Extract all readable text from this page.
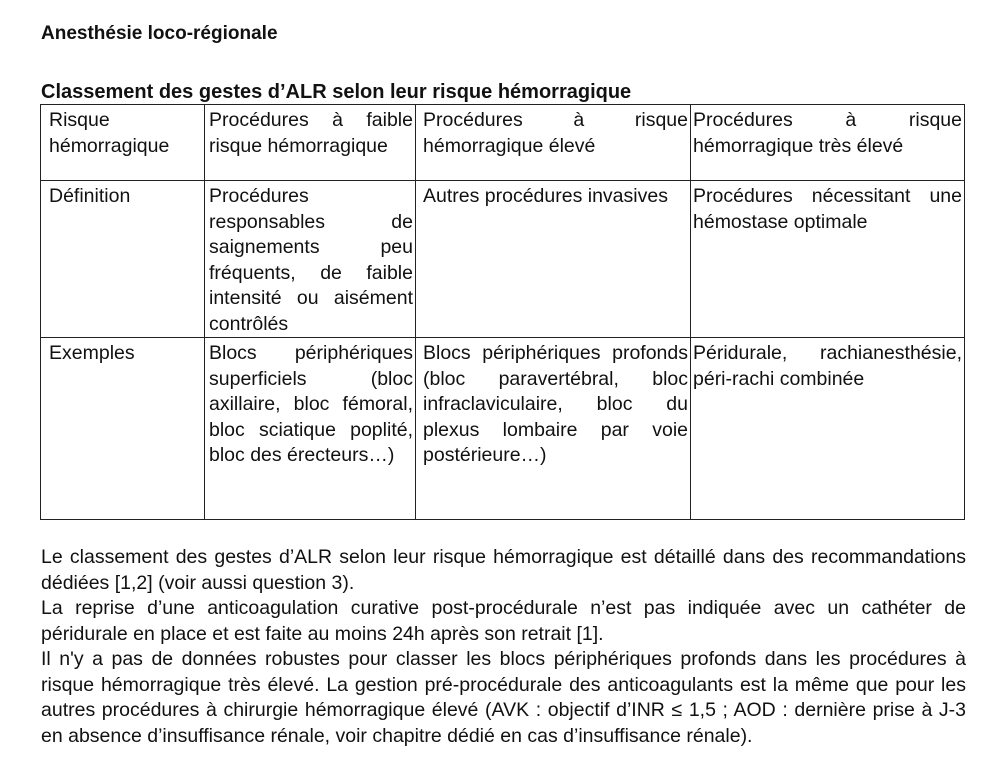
Anesthésie loco-régionale
Classement des gestes d’ALR selon leur risque hémorragique
Risque hémorragique	Procédures à faible risque hémorragique	Procédures à risque hémorragique élevé	Procédures à risque hémorragique très élevé
Définition	Procédures responsables de saignements peu fréquents, de faible intensité ou aisément contrôlés	Autres procédures invasives	Procédures nécessitant une hémostase optimale
Exemples	Blocs périphériques superficiels (bloc axillaire, bloc fémoral, bloc sciatique poplité, bloc des érecteurs…)	Blocs périphériques profonds (bloc paravertébral, bloc infraclaviculaire, bloc du plexus lombaire par voie postérieure…)	Péridurale, rachianesthésie, péri-rachi combinée

Le classement des gestes d’ALR selon leur risque hémorragique est détaillé dans des recommandations dédiées [1,2] (voir aussi question 3).

La reprise d’une anticoagulation curative post-procédurale n’est pas indiquée avec un cathéter de péridurale en place et est faite au moins 24h après son retrait [1].

Il n'y a pas de données robustes pour classer les blocs périphériques profonds dans les procédures à risque hémorragique très élevé. La gestion pré-procédurale des anticoagulants est la même que pour les autres procédures à chirurgie hémorragique élevé (AVK : objectif d’INR ≤ 1,5 ; AOD : dernière prise à J-3 en absence d’insuffisance rénale, voir chapitre dédié en cas d’insuffisance rénale).
